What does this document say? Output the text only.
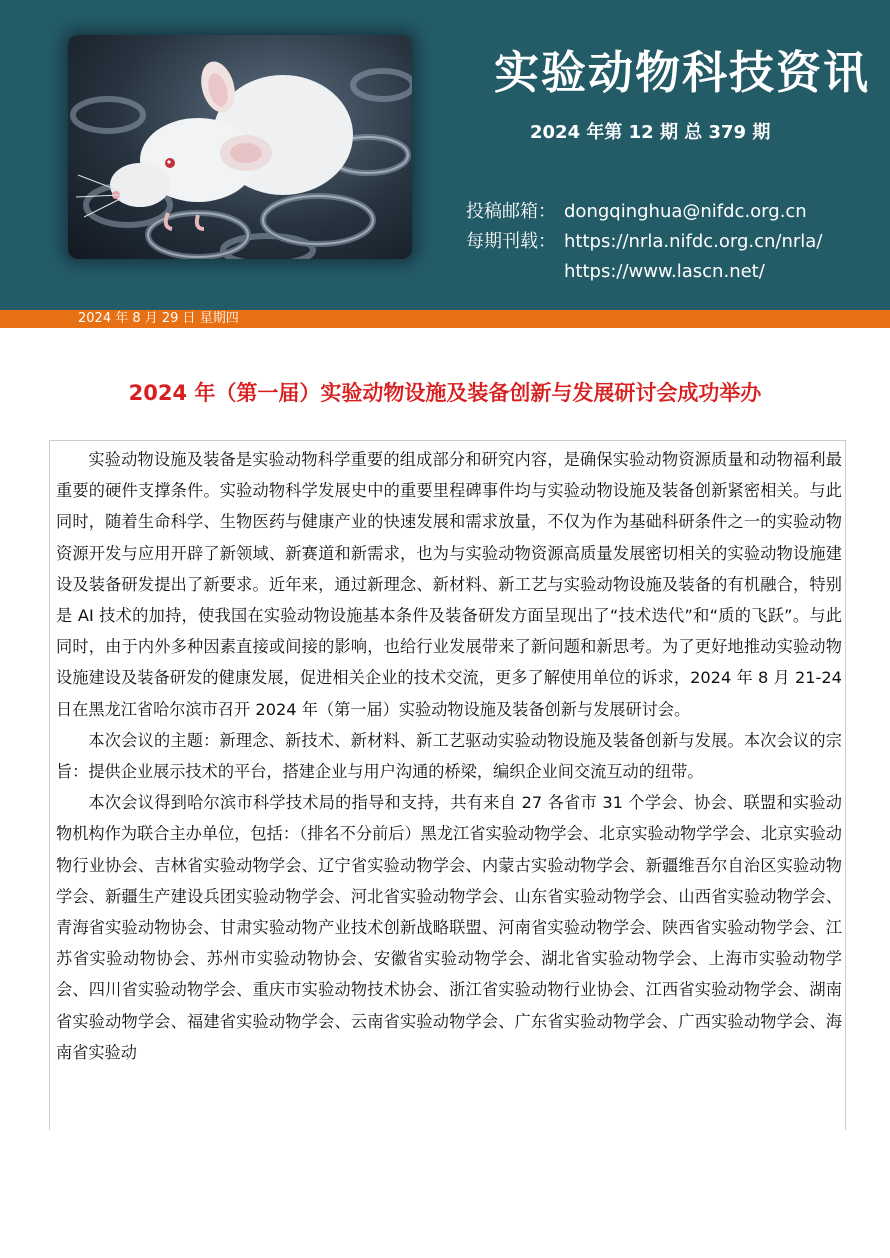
实验动物科技资讯
2024 年第 12 期 总 379 期
投稿邮箱： dongqinghua@nifdc.org.cn
每期刊载： https://nrla.nifdc.org.cn/nrla/
https://www.lascn.net/
2024 年 8 月 29 日 星期四
2024 年（第一届）实验动物设施及装备创新与发展研讨会成功举办

实验动物设施及装备是实验动物科学重要的组成部分和研究内容，是确保实验动物资源质量和动物福利最重要的硬件支撑条件。实验动物科学发展史中的重要里程碑事件均与实验动物设施及装备创新紧密相关。与此同时，随着生命科学、生物医药与健康产业的快速发展和需求放量，不仅为作为基础科研条件之一的实验动物资源开发与应用开辟了新领域、新赛道和新需求，也为与实验动物资源高质量发展密切相关的实验动物设施建设及装备研发提出了新要求。近年来，通过新理念、新材料、新工艺与实验动物设施及装备的有机融合，特别是 AI 技术的加持，使我国在实验动物设施基本条件及装备研发方面呈现出了“技术迭代”和“质的飞跃”。与此同时，由于内外多种因素直接或间接的影响，也给行业发展带来了新问题和新思考。为了更好地推动实验动物设施建设及装备研发的健康发展，促进相关企业的技术交流，更多了解使用单位的诉求，2024 年 8 月 21-24 日在黑龙江省哈尔滨市召开 2024 年（第一届）实验动物设施及装备创新与发展研讨会。

本次会议的主题：新理念、新技术、新材料、新工艺驱动实验动物设施及装备创新与发展。本次会议的宗旨：提供企业展示技术的平台，搭建企业与用户沟通的桥梁，编织企业间交流互动的纽带。

本次会议得到哈尔滨市科学技术局的指导和支持，共有来自 27 各省市 31 个学会、协会、联盟和实验动物机构作为联合主办单位，包括：（排名不分前后）黑龙江省实验动物学会、北京实验动物学学会、北京实验动物行业协会、吉林省实验动物学会、辽宁省实验动物学会、内蒙古实验动物学会、新疆维吾尔自治区实验动物学会、新疆生产建设兵团实验动物学会、河北省实验动物学会、山东省实验动物学会、山西省实验动物学会、青海省实验动物协会、甘肃实验动物产业技术创新战略联盟、河南省实验动物学会、陕西省实验动物学会、江苏省实验动物协会、苏州市实验动物协会、安徽省实验动物学会、湖北省实验动物学会、上海市实验动物学会、四川省实验动物学会、重庆市实验动物技术协会、浙江省实验动物行业协会、江西省实验动物学会、湖南省实验动物学会、福建省实验动物学会、云南省实验动物学会、广东省实验动物学会、广西实验动物学会、海南省实验动
